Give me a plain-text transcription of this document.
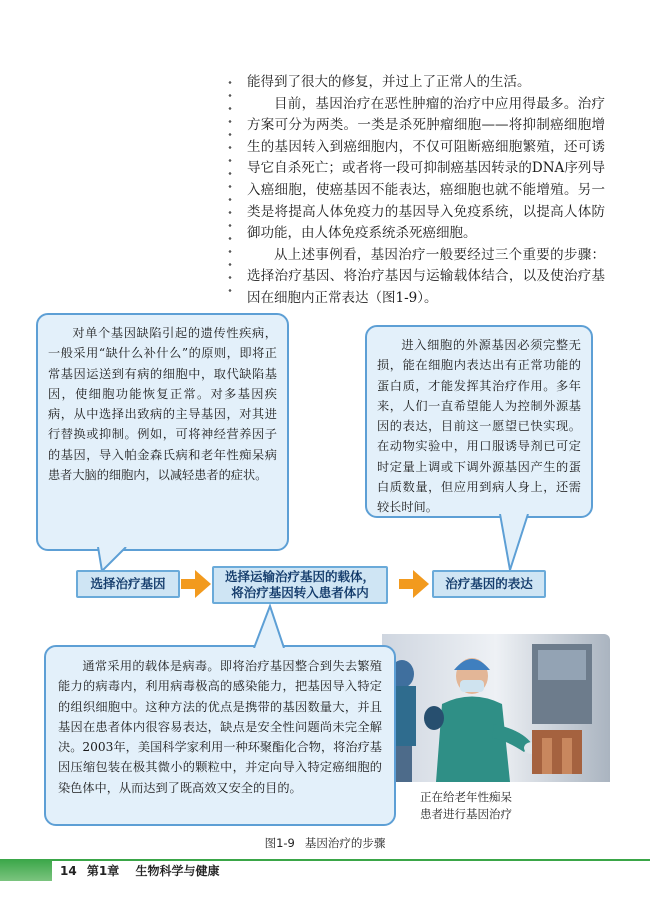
能得到了很大的修复，并过上了正常人的生活。

目前，基因治疗在恶性肿瘤的治疗中应用得最多。治疗方案可分为两类。一类是杀死肿瘤细胞——将抑制癌细胞增生的基因转入到癌细胞内，不仅可阻断癌细胞繁殖，还可诱导它自杀死亡；或者将一段可抑制癌基因转录的DNA序列导入癌细胞，使癌基因不能表达，癌细胞也就不能增殖。另一类是将提高人体免疫力的基因导入免疫系统，以提高人体防御功能，由人体免疫系统杀死癌细胞。

从上述事例看，基因治疗一般要经过三个重要的步骤：选择治疗基因、将治疗基因与运输载体结合，以及使治疗基因在细胞内正常表达（图1-9）。

对单个基因缺陷引起的遗传性疾病，一般采用“缺什么补什么”的原则，即将正常基因运送到有病的细胞中，取代缺陷基因，使细胞功能恢复正常。对多基因疾病，从中选择出致病的主导基因，对其进行替换或抑制。例如，可将神经营养因子的基因，导入帕金森氏病和老年性痴呆病患者大脑的细胞内，以减轻患者的症状。

进入细胞的外源基因必须完整无损，能在细胞内表达出有正常功能的蛋白质，才能发挥其治疗作用。多年来，人们一直希望能人为控制外源基因的表达，目前这一愿望已快实现。在动物实验中，用口服诱导剂已可定时定量上调或下调外源基因产生的蛋白质数量，但应用到病人身上，还需较长时间。

通常采用的载体是病毒。即将治疗基因整合到失去繁殖能力的病毒内，利用病毒极高的感染能力，把基因导入特定的组织细胞中。这种方法的优点是携带的基因数量大，并且基因在患者体内很容易表达，缺点是安全性问题尚未完全解决。2003年，美国科学家利用一种环聚酯化合物，将治疗基因压缩包装在极其微小的颗粒中，并定向导入特定癌细胞的染色体中，从而达到了既高效又安全的目的。

选择治疗基因	选择运输治疗基因的载体，
将治疗基因转入患者体内
治疗基因的表达
正在给老年性痴呆
患者进行基因治疗
图1-9 基因治疗的步骤
14 第1章 生物科学与健康
